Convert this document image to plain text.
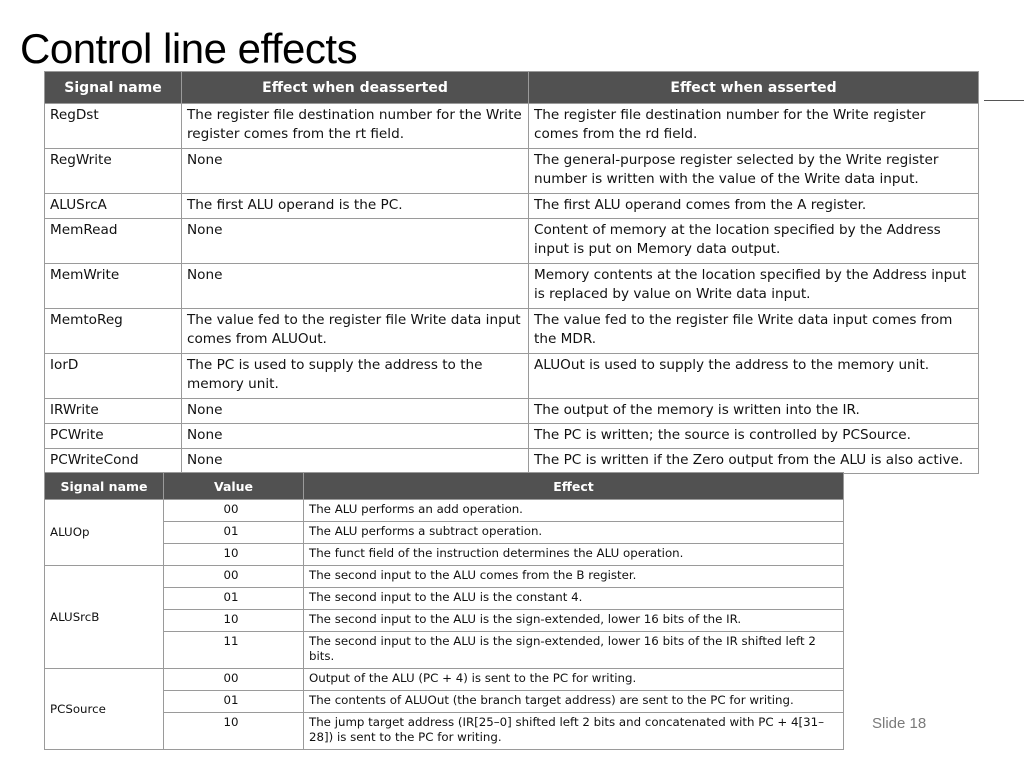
Control line effects
Signal name	Effect when deasserted	Effect when asserted
RegDst	The register file destination number for the Write register comes from the rt field.	The register file destination number for the Write register comes from the rd field.
RegWrite	None	The general-purpose register selected by the Write register number is written with the value of the Write data input.
ALUSrcA	The first ALU operand is the PC.	The first ALU operand comes from the A register.
MemRead	None	Content of memory at the location specified by the Address input is put on Memory data output.
MemWrite	None	Memory contents at the location specified by the Address input is replaced by value on Write data input.
MemtoReg	The value fed to the register file Write data input comes from ALUOut.	The value fed to the register file Write data input comes from the MDR.
IorD	The PC is used to supply the address to the memory unit.	ALUOut is used to supply the address to the memory unit.
IRWrite	None	The output of the memory is written into the IR.
PCWrite	None	The PC is written; the source is controlled by PCSource.
PCWriteCond	None	The PC is written if the Zero output from the ALU is also active.
Signal name	Value	Effect
ALUOp	00	The ALU performs an add operation.
	01	The ALU performs a subtract operation.
	10	The funct field of the instruction determines the ALU operation.
ALUSrcB	00	The second input to the ALU comes from the B register.
	01	The second input to the ALU is the constant 4.
	10	The second input to the ALU is the sign-extended, lower 16 bits of the IR.
	11	The second input to the ALU is the sign-extended, lower 16 bits of the IR shifted left 2 bits.
PCSource	00	Output of the ALU (PC + 4) is sent to the PC for writing.
	01	The contents of ALUOut (the branch target address) are sent to the PC for writing.
	10	The jump target address (IR[25–0] shifted left 2 bits and concatenated with PC + 4[31–28]) is sent to the PC for writing.
Slide 18
